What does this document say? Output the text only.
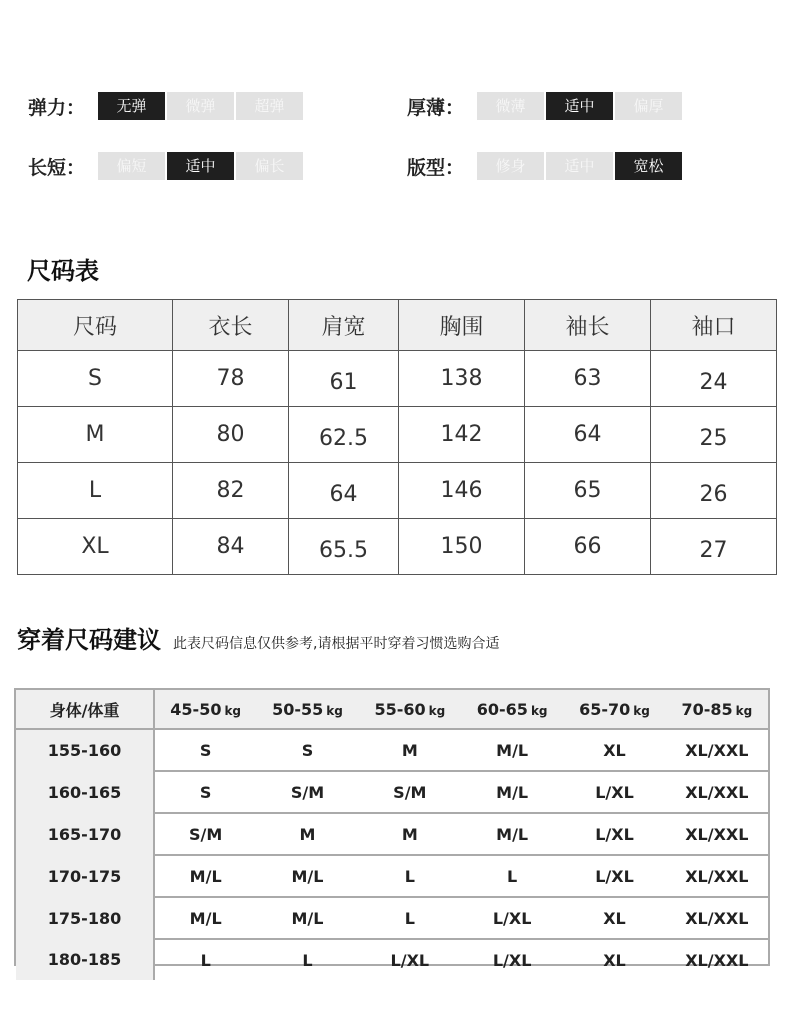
弹力：	无弹	微弹	超弹	厚薄：	微薄	适中	偏厚
长短：	偏短	适中	偏长	版型：	修身	适中	宽松
尺码表
尺码	衣长	肩宽	胸围	袖长	袖口
S	78	61	138	63	24
M	80	62.5	142	64	25
L	82	64	146	65	26
XL	84	65.5	150	66	27
穿着尺码建议 此表尺码信息仅供参考,请根据平时穿着习惯选购合适
身体/体重	45-50 kg	50-55 kg	55-60 kg	60-65 kg	65-70 kg	70-85 kg
155-160	S	S	M	M/L	XL	XL/XXL
160-165	S	S/M	S/M	M/L	L/XL	XL/XXL
165-170	S/M	M	M	M/L	L/XL	XL/XXL
170-175	M/L	M/L	L	L	L/XL	XL/XXL
175-180	M/L	M/L	L	L/XL	XL	XL/XXL
180-185	L	L	L/XL	L/XL	XL	XL/XXL
